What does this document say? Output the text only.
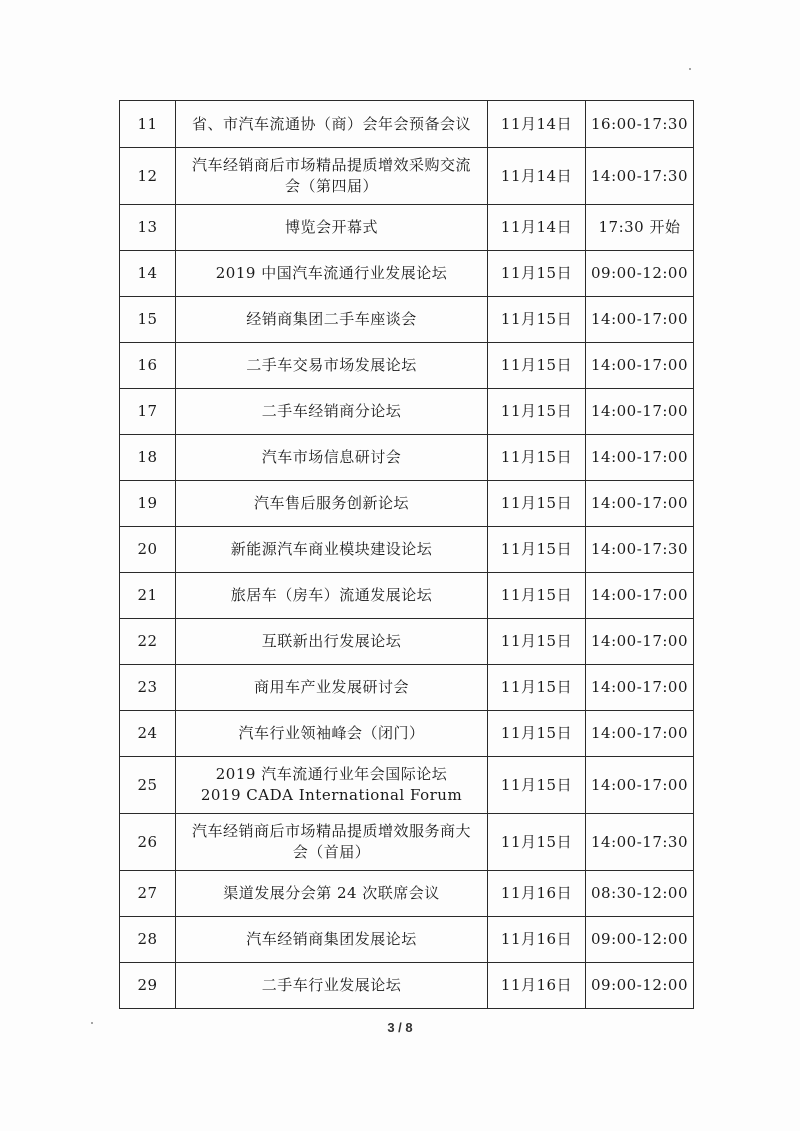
11	省、市汽车流通协（商）会年会预备会议	11月14日	16:00-17:30
12	汽车经销商后市场精品提质增效采购交流
会（第四届）	11月14日	14:00-17:30
13	博览会开幕式	11月14日	17:30 开始
14	2019 中国汽车流通行业发展论坛	11月15日	09:00-12:00
15	经销商集团二手车座谈会	11月15日	14:00-17:00
16	二手车交易市场发展论坛	11月15日	14:00-17:00
17	二手车经销商分论坛	11月15日	14:00-17:00
18	汽车市场信息研讨会	11月15日	14:00-17:00
19	汽车售后服务创新论坛	11月15日	14:00-17:00
20	新能源汽车商业模块建设论坛	11月15日	14:00-17:30
21	旅居车（房车）流通发展论坛	11月15日	14:00-17:00
22	互联新出行发展论坛	11月15日	14:00-17:00
23	商用车产业发展研讨会	11月15日	14:00-17:00
24	汽车行业领袖峰会（闭门）	11月15日	14:00-17:00
25	2019 汽车流通行业年会国际论坛
2019 CADA International Forum	11月15日	14:00-17:00
26	汽车经销商后市场精品提质增效服务商大
会（首届）	11月15日	14:00-17:30
27	渠道发展分会第 24 次联席会议	11月16日	08:30-12:00
28	汽车经销商集团发展论坛	11月16日	09:00-12:00
29	二手车行业发展论坛	11月16日	09:00-12:00
3 / 8
